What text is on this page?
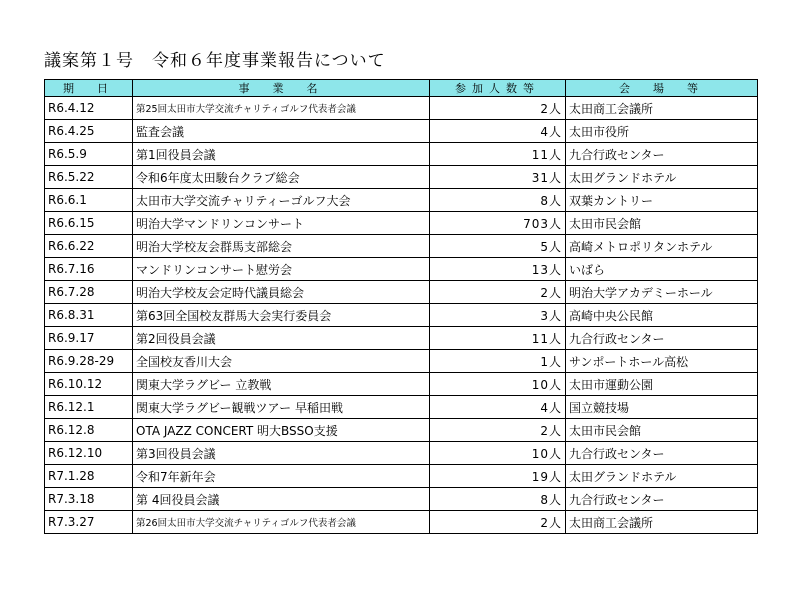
議案第１号　令和６年度事業報告について
期　日	事　業　名	参加人数等	会　場　等
R6.4.12	第25回太田市大学交流チャリティゴルフ代表者会議	2人	太田商工会議所
R6.4.25	監査会議	4人	太田市役所
R6.5.9	第1回役員会議	11人	九合行政センター
R6.5.22	令和6年度太田駿台クラブ総会	31人	太田グランドホテル
R6.6.1	太田市大学交流チャリティーゴルフ大会	8人	双葉カントリー
R6.6.15	明治大学マンドリンコンサート	703人	太田市民会館
R6.6.22	明治大学校友会群馬支部総会	5人	高崎メトロポリタンホテル
R6.7.16	マンドリンコンサート慰労会	13人	いばら
R6.7.28	明治大学校友会定時代議員総会	2人	明治大学アカデミーホール
R6.8.31	第63回全国校友群馬大会実行委員会	3人	高崎中央公民館
R6.9.17	第2回役員会議	11人	九合行政センター
R6.9.28-29	全国校友香川大会	1人	サンポートホール高松
R6.10.12	関東大学ラグビー 立教戦	10人	太田市運動公園
R6.12.1	関東大学ラグビー観戦ツアー 早稲田戦	4人	国立競技場
R6.12.8	OTA JAZZ CONCERT 明大BSSO支援	2人	太田市民会館
R6.12.10	第3回役員会議	10人	九合行政センター
R7.1.28	令和7年新年会	19人	太田グランドホテル
R7.3.18	第 4回役員会議	8人	九合行政センター
R7.3.27	第26回太田市大学交流チャリティゴルフ代表者会議	2人	太田商工会議所
